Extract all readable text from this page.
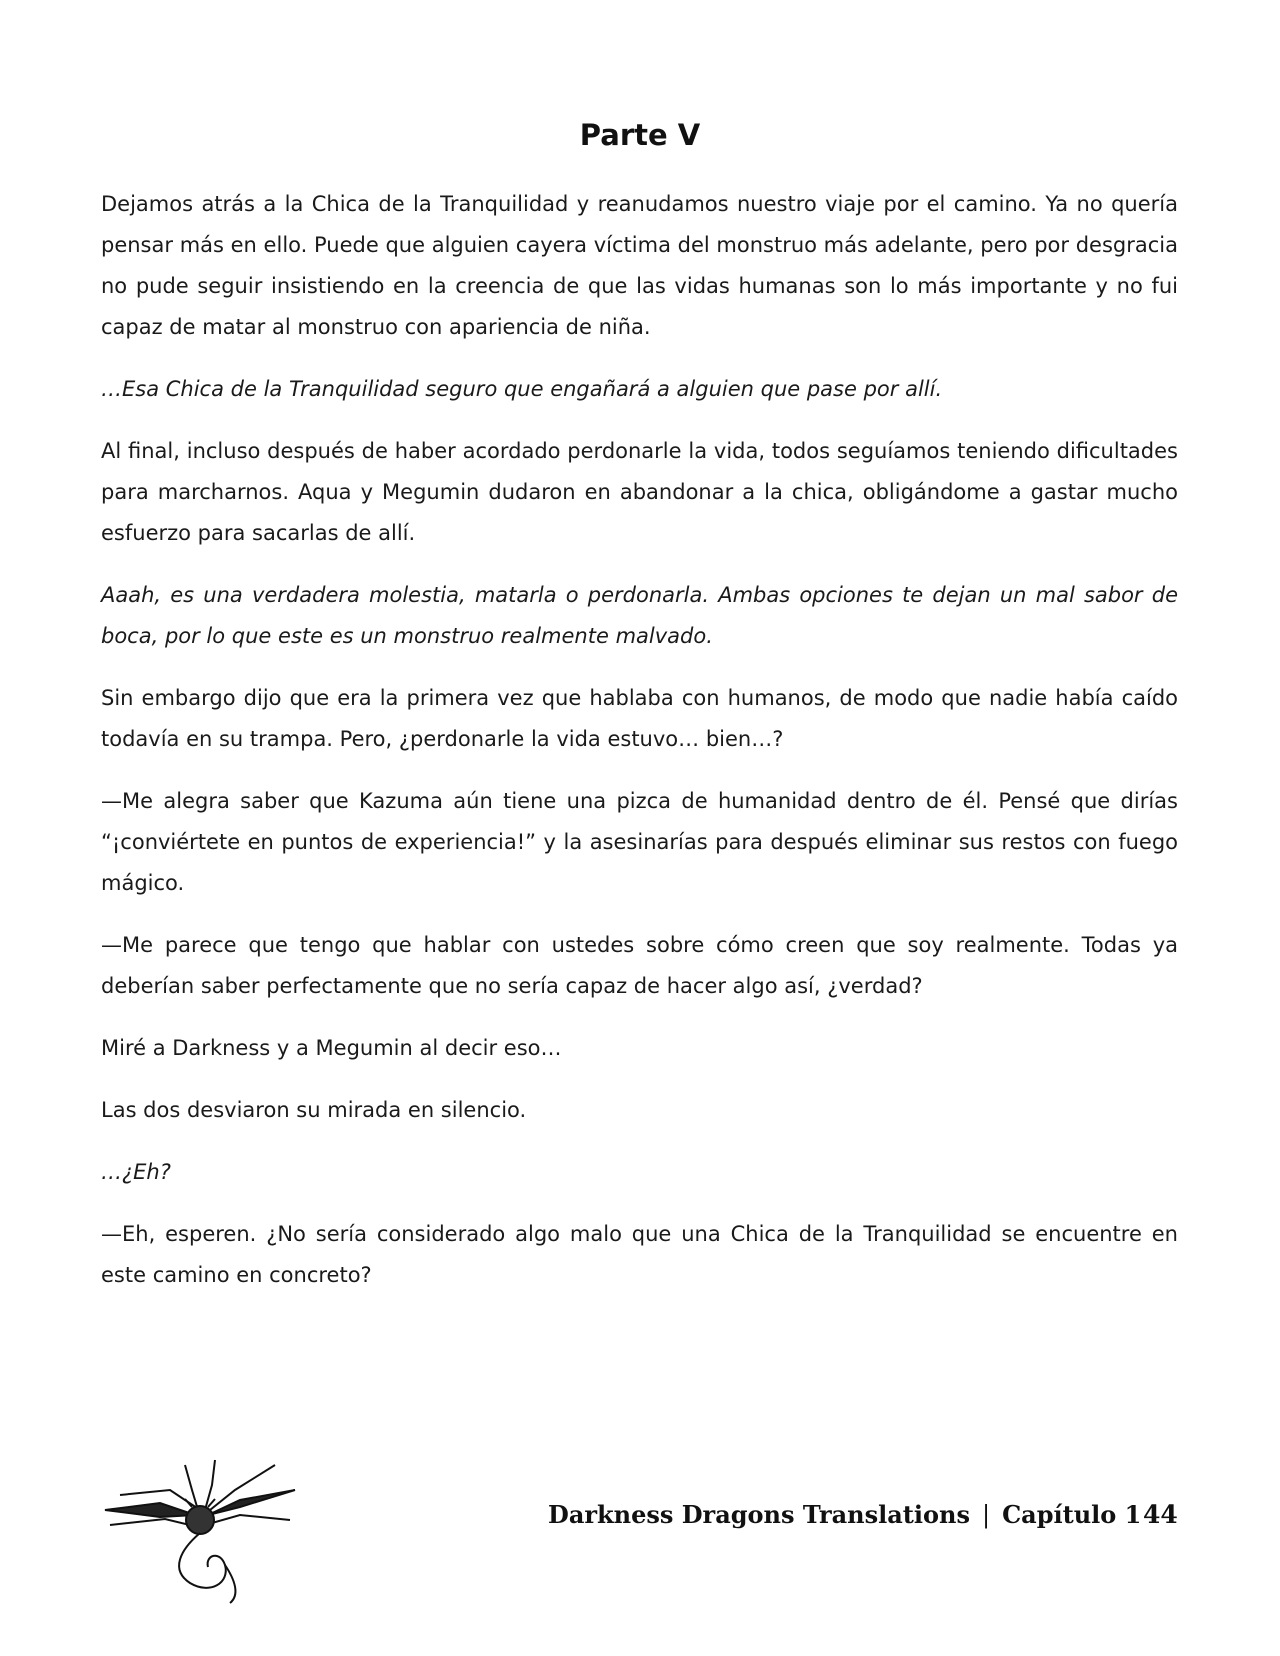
Parte V

Dejamos atrás a la Chica de la Tranquilidad y reanudamos nuestro viaje por el camino. Ya no quería pensar más en ello. Puede que alguien cayera víctima del monstruo más adelante, pero por desgracia no pude seguir insistiendo en la creencia de que las vidas humanas son lo más importante y no fui capaz de matar al monstruo con apariencia de niña.

…Esa Chica de la Tranquilidad seguro que engañará a alguien que pase por allí.

Al final, incluso después de haber acordado perdonarle la vida, todos seguíamos teniendo dificultades para marcharnos. Aqua y Megumin dudaron en abandonar a la chica, obligándome a gastar mucho esfuerzo para sacarlas de allí.

Aaah, es una verdadera molestia, matarla o perdonarla. Ambas opciones te dejan un mal sabor de boca, por lo que este es un monstruo realmente malvado.

Sin embargo dijo que era la primera vez que hablaba con humanos, de modo que nadie había caído todavía en su trampa. Pero, ¿perdonarle la vida estuvo… bien…?

—Me alegra saber que Kazuma aún tiene una pizca de humanidad dentro de él. Pensé que dirías “¡conviértete en puntos de experiencia!” y la asesinarías para después eliminar sus restos con fuego mágico.

—Me parece que tengo que hablar con ustedes sobre cómo creen que soy realmente. Todas ya deberían saber perfectamente que no sería capaz de hacer algo así, ¿verdad?

Miré a Darkness y a Megumin al decir eso…

Las dos desviaron su mirada en silencio.

…¿Eh?

—Eh, esperen. ¿No sería considerado algo malo que una Chica de la Tranquilidad se encuentre en este camino en concreto?

Darkness Dragons Translations | Capítulo 1 44
